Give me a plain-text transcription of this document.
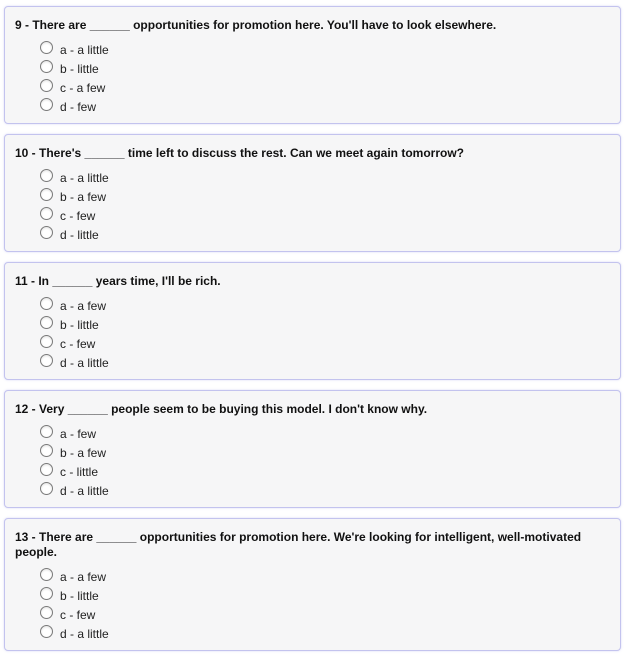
9 - There are ______ opportunities for promotion here. You'll have to look elsewhere.
a - a little
b - little
c - a few
d - few
10 - There's ______ time left to discuss the rest. Can we meet again tomorrow?
a - a little
b - a few
c - few
d - little
11 - In ______ years time, I'll be rich.
a - a few
b - little
c - few
d - a little
12 - Very ______ people seem to be buying this model. I don't know why.
a - few
b - a few
c - little
d - a little
13 - There are ______ opportunities for promotion here. We're looking for intelligent, well-motivated people.
a - a few
b - little
c - few
d - a little
